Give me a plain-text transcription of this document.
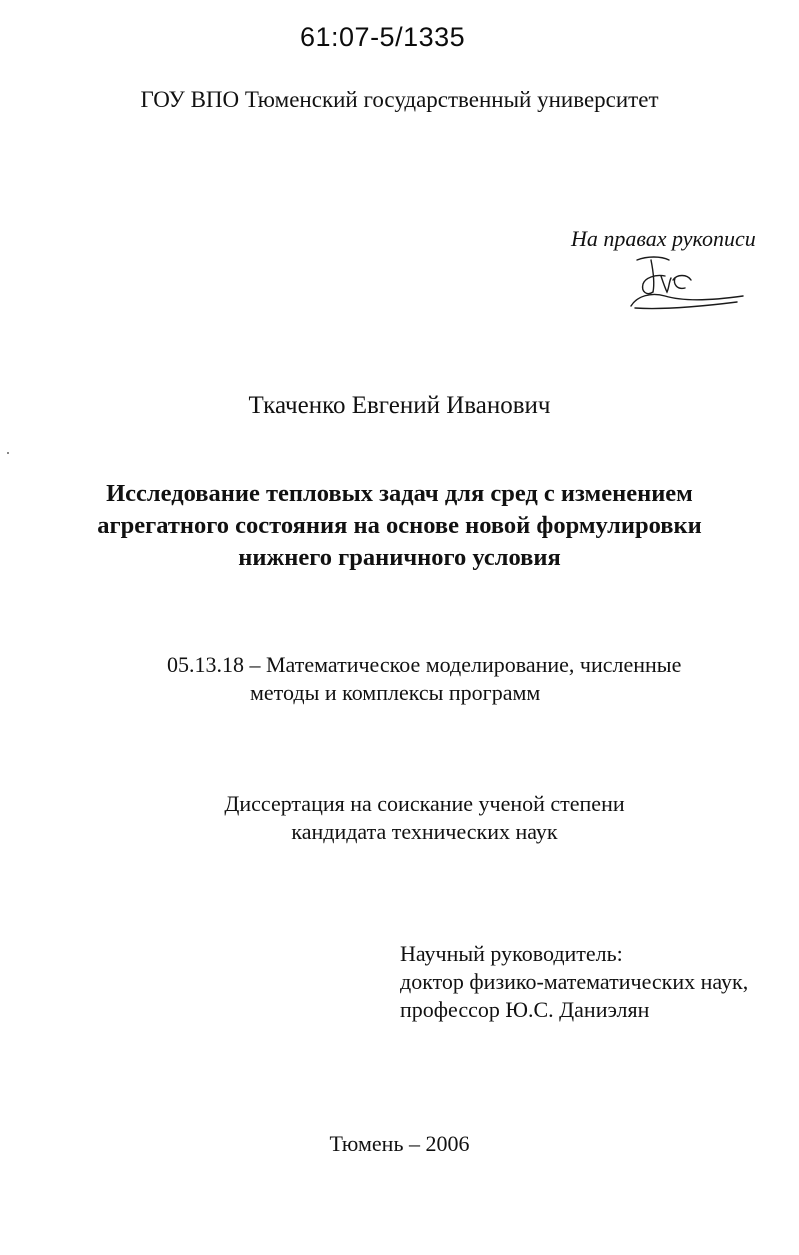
61:07-5/1335
ГОУ ВПО Тюменский государственный университет
На правах рукописи
Ткаченко Евгений Иванович
Исследование тепловых задач для сред с изменением
агрегатного состояния на основе новой формулировки
нижнего граничного условия
05.13.18 – Математическое моделирование, численные
методы и комплексы программ
Диссертация на соискание ученой степени
кандидата технических наук
Научный руководитель:
доктор физико-математических наук,
профессор Ю.С. Даниэлян
Тюмень – 2006
